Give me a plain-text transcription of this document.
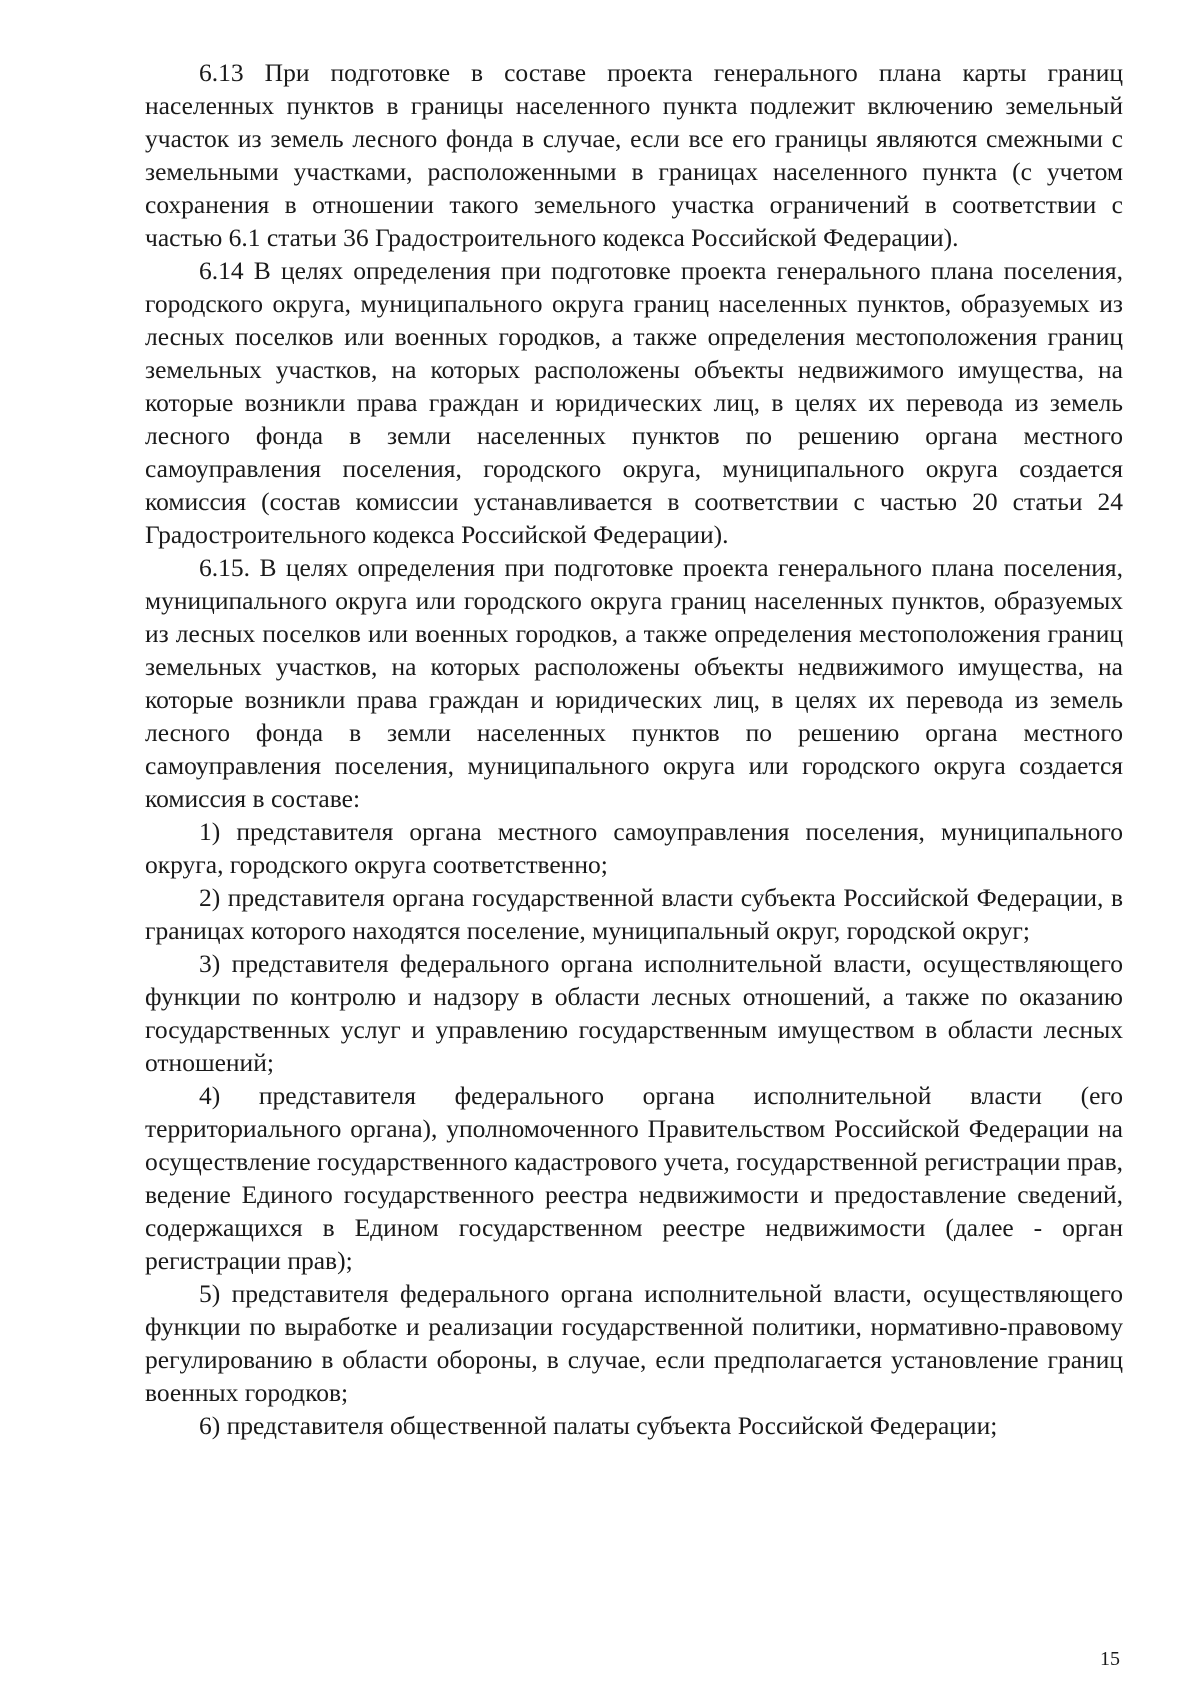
6.13 При подготовке в составе проекта генерального плана карты границ населенных пунктов в границы населенного пункта подлежит включению земельный участок из земель лесного фонда в случае, если все его границы являются смежными с земельными участками, расположенными в границах населенного пункта (с учетом сохранения в отношении такого земельного участка ограничений в соответствии с частью 6.1 статьи 36 Градостроительного кодекса Российской Федерации).

6.14 В целях определения при подготовке проекта генерального плана поселения, городского округа, муниципального округа границ населенных пунктов, образуемых из лесных поселков или военных городков, а также определения местоположения границ земельных участков, на которых расположены объекты недвижимого имущества, на которые возникли права граждан и юридических лиц, в целях их перевода из земель лесного фонда в земли населенных пунктов по решению органа местного самоуправления поселения, городского округа, муниципального округа создается комиссия (состав комиссии устанавливается в соответствии с частью 20 статьи 24 Градостроительного кодекса Российской Федерации).

6.15. В целях определения при подготовке проекта генерального плана поселения, муниципального округа или городского округа границ населенных пунктов, образуемых из лесных поселков или военных городков, а также определения местоположения границ земельных участков, на которых расположены объекты недвижимого имущества, на которые возникли права граждан и юридических лиц, в целях их перевода из земель лесного фонда в земли населенных пунктов по решению органа местного самоуправления поселения, муниципального округа или городского округа создается комиссия в составе:

1) представителя органа местного самоуправления поселения, муниципального округа, городского округа соответственно;

2) представителя органа государственной власти субъекта Российской Федерации, в границах которого находятся поселение, муниципальный округ, городской округ;

3) представителя федерального органа исполнительной власти, осуществляющего функции по контролю и надзору в области лесных отношений, а также по оказанию государственных услуг и управлению государственным имуществом в области лесных отношений;

4) представителя федерального органа исполнительной власти (его территориального органа), уполномоченного Правительством Российской Федерации на осуществление государственного кадастрового учета, государственной регистрации прав, ведение Единого государственного реестра недвижимости и предоставление сведений, содержащихся в Едином государственном реестре недвижимости (далее - орган регистрации прав);

5) представителя федерального органа исполнительной власти, осуществляющего функции по выработке и реализации государственной политики, нормативно-правовому регулированию в области обороны, в случае, если предполагается установление границ военных городков;

6) представителя общественной палаты субъекта Российской Федерации;

15
